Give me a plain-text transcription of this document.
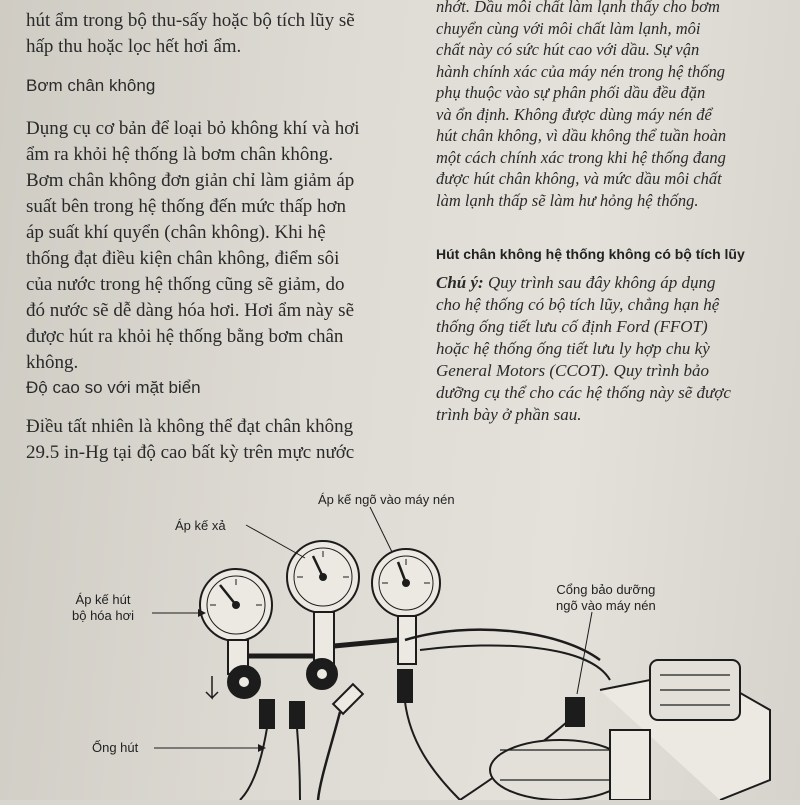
hút ẩm trong bộ thu-sấy hoặc bộ tích lũy sẽ

hấp thu hoặc lọc hết hơi ẩm.

Bơm chân không

Dụng cụ cơ bản để loại bỏ không khí và hơi

ẩm ra khỏi hệ thống là bơm chân không.

Bơm chân không đơn giản chỉ làm giảm áp

suất bên trong hệ thống đến mức thấp hơn

áp suất khí quyển (chân không). Khi hệ

thống đạt điều kiện chân không, điểm sôi

của nước trong hệ thống cũng sẽ giảm, do

đó nước sẽ dễ dàng hóa hơi. Hơi ẩm này sẽ

được hút ra khỏi hệ thống bằng bơm chân

không.

Độ cao so với mặt biển

Điều tất nhiên là không thể đạt chân không

29.5 in-Hg tại độ cao bất kỳ trên mực nước

nhớt. Dầu môi chất làm lạnh thấy cho bơm

chuyển cùng với môi chất làm lạnh, môi

chất này có sức hút cao với dầu. Sự vận

hành chính xác của máy nén trong hệ thống

phụ thuộc vào sự phân phối dầu đều đặn

và ổn định. Không được dùng máy nén để

hút chân không, vì dầu không thể tuần hoàn

một cách chính xác trong khi hệ thống đang

được hút chân không, và mức dầu môi chất

làm lạnh thấp sẽ làm hư hỏng hệ thống.

Hút chân không hệ thống không có bộ tích lũy

Chú ý: Quy trình sau đây không áp dụng

cho hệ thống có bộ tích lũy, chẳng hạn hệ

thống ống tiết lưu cố định Ford (FFOT)

hoặc hệ thống ống tiết lưu ly hợp chu kỳ

General Motors (CCOT). Quy trình bảo

dưỡng cụ thể cho các hệ thống này sẽ được

trình bày ở phần sau.

Áp kế ngõ vào máy nén
Áp kế xả
Áp kế hút
bộ hóa hơi
Cổng bảo dưỡng
ngõ vào máy nén
Ống hút
